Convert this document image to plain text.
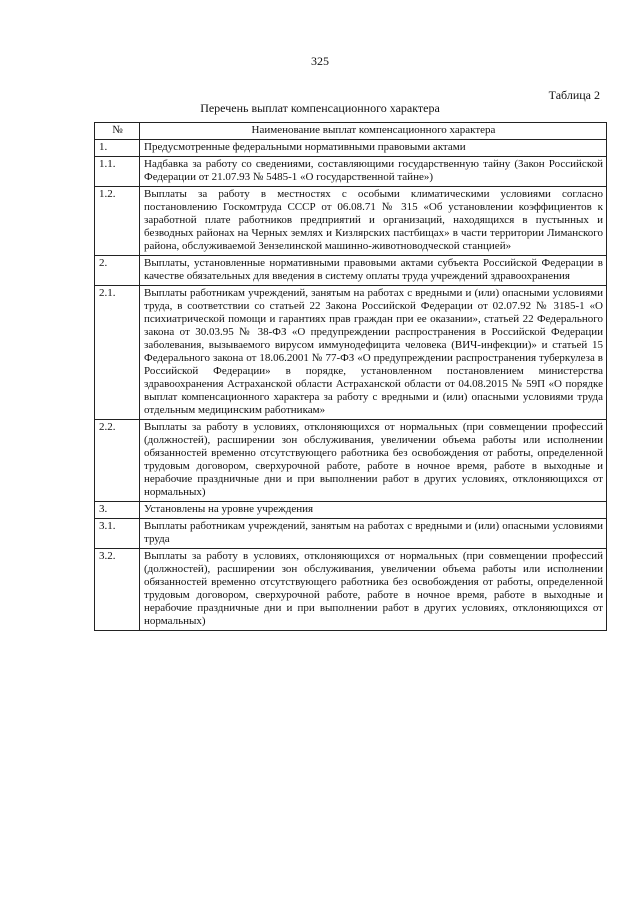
325
Таблица 2
Перечень выплат компенсационного характера
№	Наименование выплат компенсационного характера
1.	Предусмотренные федеральными нормативными правовыми актами
1.1.	Надбавка за работу со сведениями, составляющими государственную тайну (Закон Российской Федерации от 21.07.93 № 5485-1 «О государственной тайне»)
1.2.	Выплаты за работу в местностях с особыми климатическими условиями согласно постановлению Госкомтруда СССР от 06.08.71 № 315 «Об установлении коэффициентов к заработной плате работников предприятий и организаций, находящихся в пустынных и безводных районах на Черных землях и Кизлярских пастбищах» в части территории Лиманского района, обслуживаемой Зензелинской машинно-животноводческой станцией»
2.	Выплаты, установленные нормативными правовыми актами субъекта Российской Федерации в качестве обязательных для введения в систему оплаты труда учреждений здравоохранения
2.1.	Выплаты работникам учреждений, занятым на работах с вредными и (или) опасными условиями труда, в соответствии со статьей 22 Закона Российской Федерации от 02.07.92 № 3185-1 «О психиатрической помощи и гарантиях прав граждан при ее оказании», статьей 22 Федерального закона от 30.03.95 № 38-ФЗ «О предупреждении распространения в Российской Федерации заболевания, вызываемого вирусом иммунодефицита человека (ВИЧ-инфекции)» и статьей 15 Федерального закона от 18.06.2001 № 77-ФЗ «О предупреждении распространения туберкулеза в Российской Федерации» в порядке, установленном постановлением министерства здравоохранения Астраханской области Астраханской области от 04.08.2015 № 59П «О порядке выплат компенсационного характера за работу с вредными и (или) опасными условиями труда отдельным медицинским работникам»
2.2.	Выплаты за работу в условиях, отклоняющихся от нормальных (при совмещении профессий (должностей), расширении зон обслуживания, увеличении объема работы или исполнении обязанностей временно отсутствующего работника без освобождения от работы, определенной трудовым договором, сверхурочной работе, работе в ночное время, работе в выходные и нерабочие праздничные дни и при выполнении работ в других условиях, отклоняющихся от нормальных)
3.	Установлены на уровне учреждения
3.1.	Выплаты работникам учреждений, занятым на работах с вредными и (или) опасными условиями труда
3.2.	Выплаты за работу в условиях, отклоняющихся от нормальных (при совмещении профессий (должностей), расширении зон обслуживания, увеличении объема работы или исполнении обязанностей временно отсутствующего работника без освобождения от работы, определенной трудовым договором, сверхурочной работе, работе в ночное время, работе в выходные и нерабочие праздничные дни и при выполнении работ в других условиях, отклоняющихся от нормальных)
